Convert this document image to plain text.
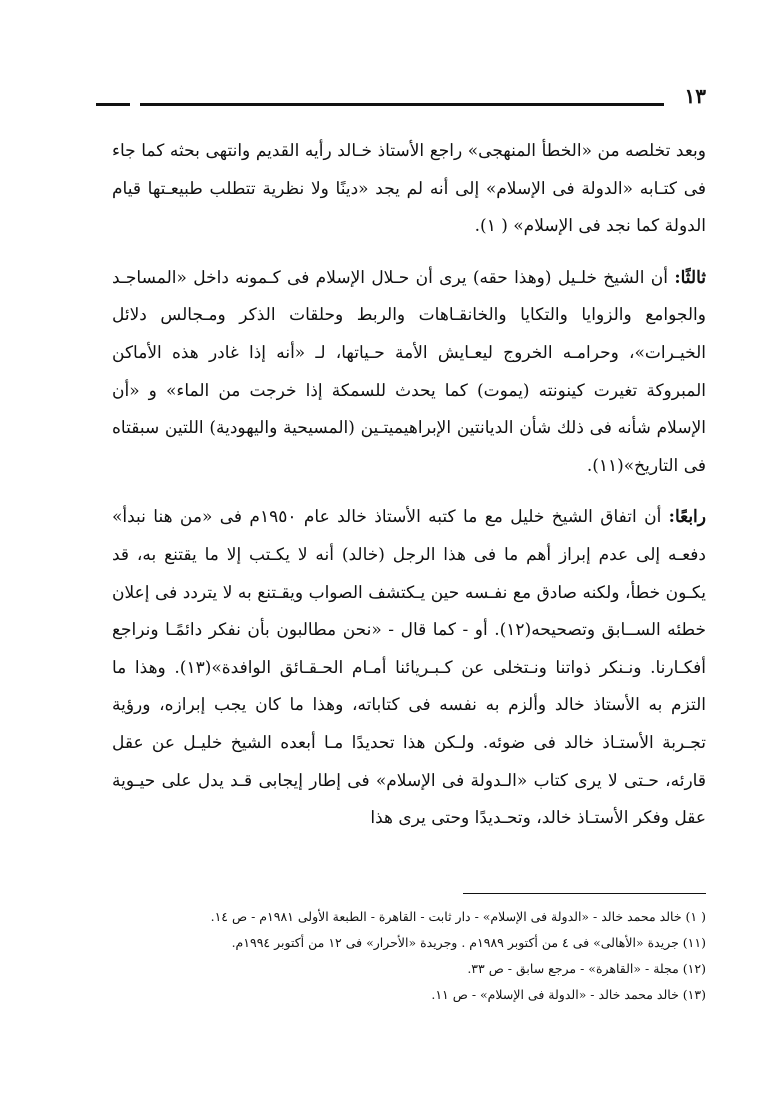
١٣

وبعد تخلصه من «الخطأ المنهجى» راجع الأستاذ خـالد رأيه القديم وانتهى بحثه كما جاء فى كتـابه «الدولة فى الإسلام» إلى أنه لم يجد «دينًا ولا نظرية تتطلب طبيعـتها قيام الدولة كما نجد فى الإسلام» ( ١).

ثالثًا: أن الشيخ خلـيل (وهذا حقه) يرى أن حـلال الإسلام فى كـمونه داخل «المساجـد والجوامع والزوايا والتكايا والخانقـاهات والربط وحلقات الذكر ومـجالس دلائل الخيـرات»، وحرامـه الخروج ليعـايش الأمة حـياتها، لـ «أنه إذا غادر هذه الأماكن المبروكة تغيرت كينونته (يموت) كما يحدث للسمكة إذا خرجت من الماء» و «أن الإسلام شأنه فى ذلك شأن الديانتين الإبراهيميتـين (المسيحية واليهودية) اللتين سبقتاه فى التاريخ»(١١).

رابعًا: أن اتفاق الشيخ خليل مع ما كتبه الأستاذ خالد عام ١٩٥٠م فى «من هنا نبدأ» دفعـه إلى عدم إبراز أهم ما فى هذا الرجل (خالد) أنه لا يكـتب إلا ما يقتنع به، قد يكـون خطأ، ولكنه صادق مع نفـسه حين يـكتشف الصواب ويقـتنع به لا يتردد فى إعلان خطئه الســابق وتصحيحه(١٢). أو - كما قال - «نحن مطالبون بأن نفكر دائمًـا ونراجع أفكـارنا. ونـنكر ذواتنا ونـتخلى عن كـبـريائنا أمـام الحـقـائق الوافدة»(١٣). وهذا ما التزم به الأستاذ خالد وألزم به نفسه فى كتاباته، وهذا ما كان يجب إبرازه، ورؤية تجـربة الأستـاذ خالد فى ضوئه. ولـكن هذا تحديدًا مـا أبعده الشيخ خليـل عن عقل قارئه، حـتى لا يرى كتاب «الـدولة فى الإسلام» فى إطار إيجابى قـد يدل على حيـوية عقل وفكر الأستـاذ خالد، وتحـديدًا وحتى يرى هذا

( ١) خالد محمد خالد - «الدولة فى الإسلام» - دار ثابت - القاهرة - الطبعة الأولى ١٩٨١م - ص ١٤.

(١١) جريدة «الأهالى» فى ٤ من أكتوبر ١٩٨٩م . وجريدة «الأحرار» فى ١٢ من أكتوبر ١٩٩٤م.

(١٢) مجلة - «القاهرة» - مرجع سابق - ص ٣٣.

(١٣) خالد محمد خالد - «الدولة فى الإسلام» - ص ١١.
